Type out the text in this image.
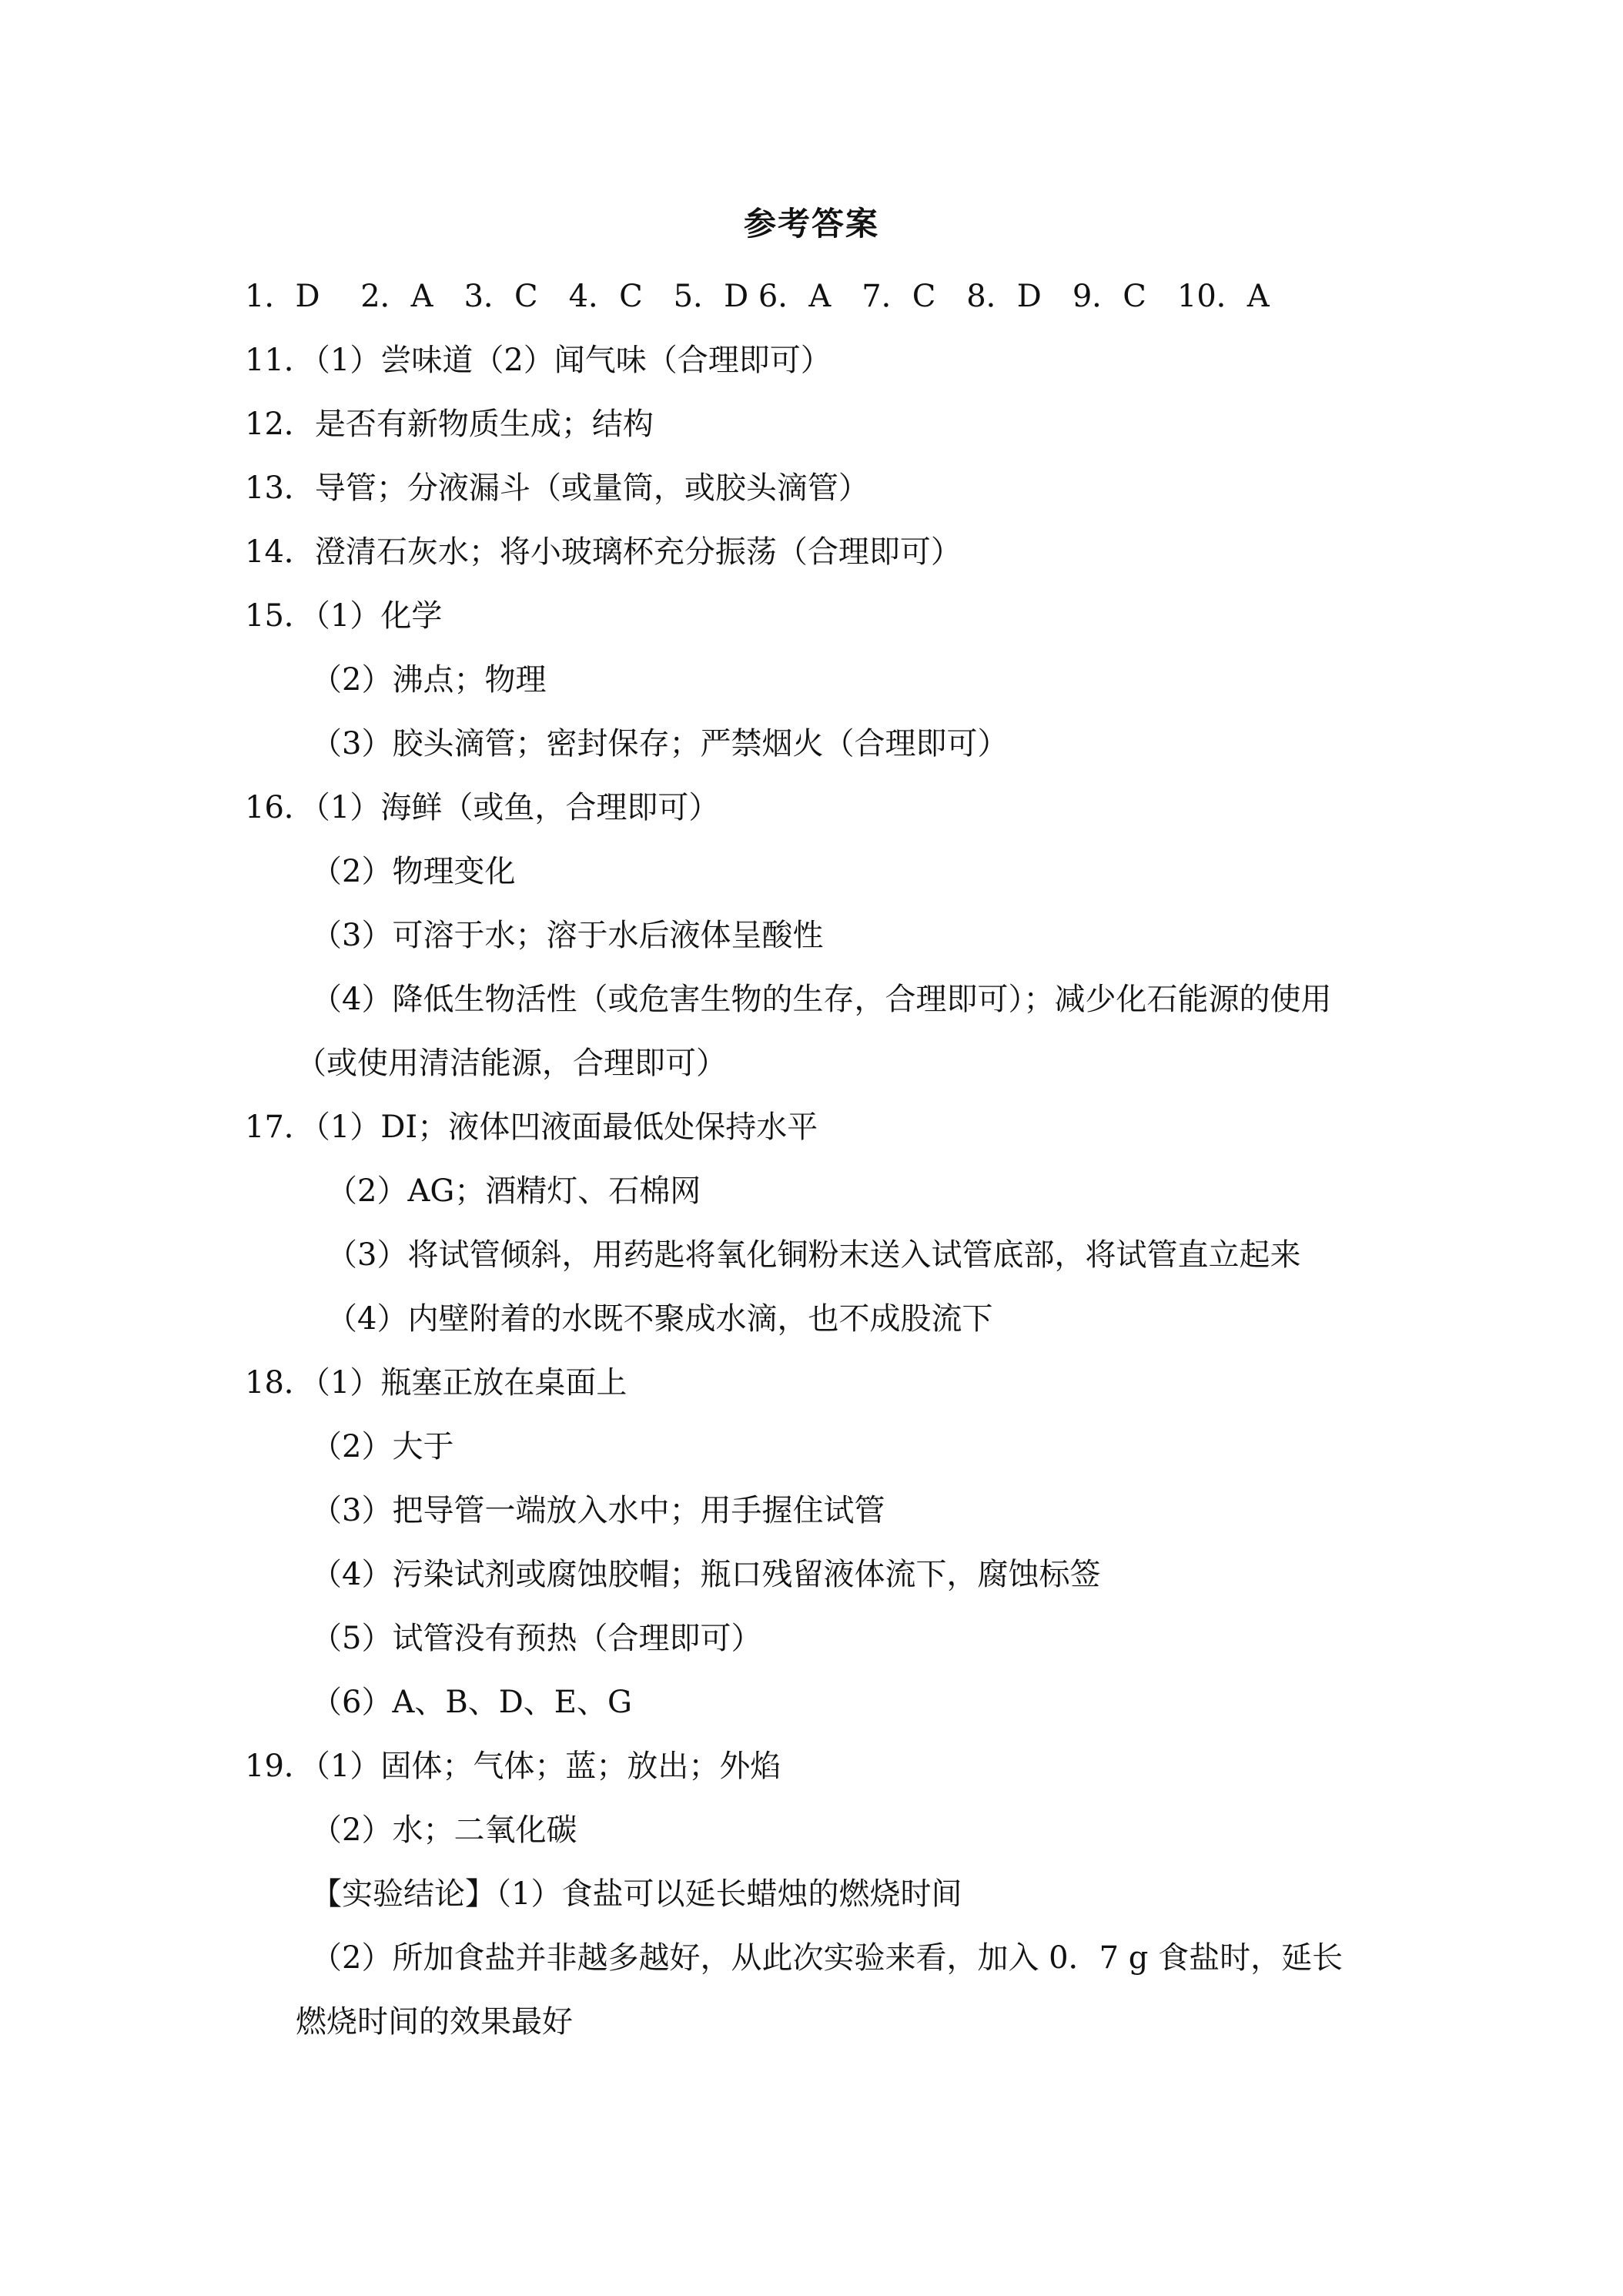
参考答案

1．D　 2．A　3．C　4．C　5．D 6．A　7．C　8．D　9．C　10．A

11．（1）尝味道（2）闻气味（合理即可）

12．是否有新物质生成；结构

13．导管；分液漏斗（或量筒，或胶头滴管）

14．澄清石灰水；将小玻璃杯充分振荡（合理即可）

15．（1）化学

（2）沸点；物理

（3）胶头滴管；密封保存；严禁烟火（合理即可）

16．（1）海鲜（或鱼，合理即可）

（2）物理变化

（3）可溶于水；溶于水后液体呈酸性

（4）降低生物活性（或危害生物的生存，合理即可）；减少化石能源的使用

（或使用清洁能源，合理即可）

17．（1）DI；液体凹液面最低处保持水平

（2）AG；酒精灯、石棉网

（3）将试管倾斜，用药匙将氧化铜粉末送入试管底部，将试管直立起来

（4）内壁附着的水既不聚成水滴，也不成股流下

18．（1）瓶塞正放在桌面上

（2）大于

（3）把导管一端放入水中；用手握住试管

（4）污染试剂或腐蚀胶帽；瓶口残留液体流下，腐蚀标签

（5）试管没有预热（合理即可）

（6）A、B、D、E、G

19．（1）固体；气体；蓝；放出；外焰

（2）水；二氧化碳

【实验结论】（1）食盐可以延长蜡烛的燃烧时间

（2）所加食盐并非越多越好，从此次实验来看，加入 0．7 g 食盐时，延长

燃烧时间的效果最好
